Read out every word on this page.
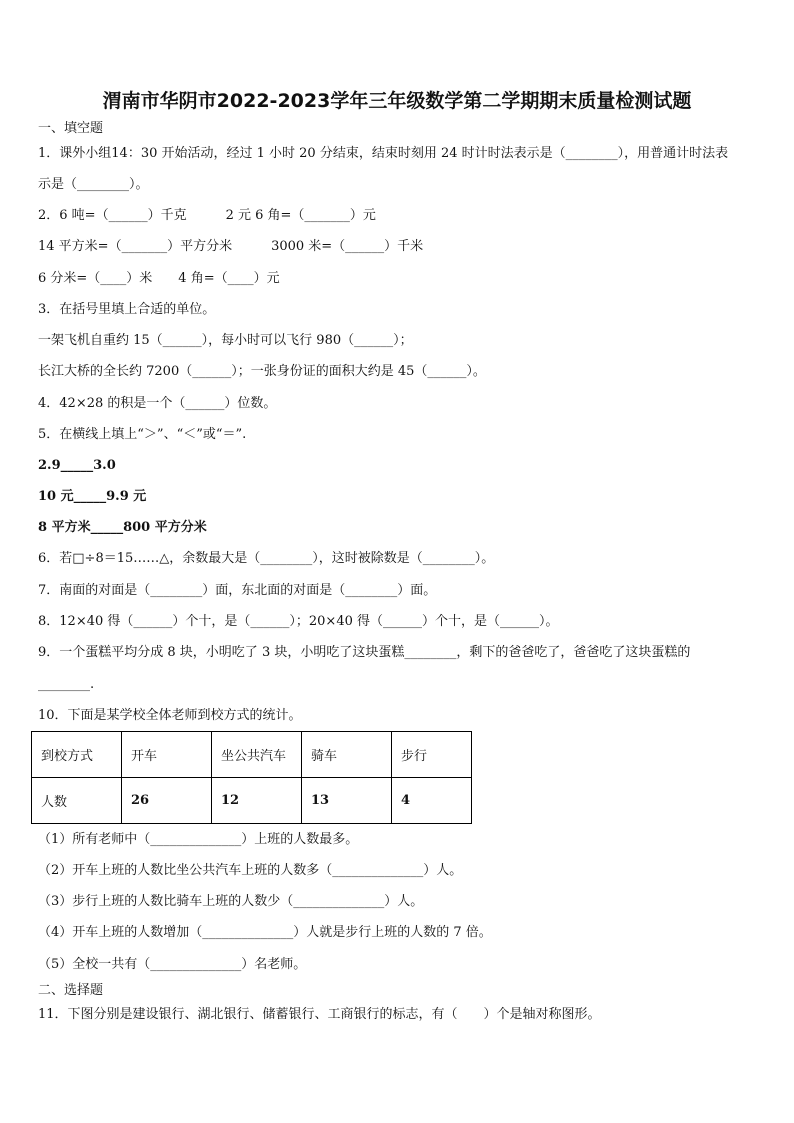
渭南市华阴市2022-2023学年三年级数学第二学期期末质量检测试题
一、填空题
1．课外小组14：30 开始活动，经过 1 小时 20 分结束，结束时刻用 24 时计时法表示是（________），用普通计时法表
示是（________）。
2．6 吨=（______）千克　　　2 元 6 角=（_______）元
14 平方米=（_______）平方分米　　　3000 米=（______）千米
6 分米=（____）米　　4 角=（____）元
3．在括号里填上合适的单位。
一架飞机自重约 15（______），每小时可以飞行 980（______）；
长江大桥的全长约 7200（______）；一张身份证的面积大约是 45（______）。
4．42×28 的积是一个（______）位数。
5．在横线上填上“＞”、“＜”或“＝”.
2.9_____3.0
10 元_____9.9 元
8 平方米_____800 平方分米
6．若□÷8＝15……△，余数最大是（________），这时被除数是（________）。
7．南面的对面是（________）面，东北面的对面是（________）面。
8．12×40 得（______）个十，是（______）；20×40 得（______）个十，是（______）。
9．一个蛋糕平均分成 8 块，小明吃了 3 块，小明吃了这块蛋糕________，剩下的爸爸吃了，爸爸吃了这块蛋糕的
________.
10．下面是某学校全体老师到校方式的统计。
到校方式	开车	坐公共汽车	骑车	步行
人数	26	12	13	4
（1）所有老师中（______________）上班的人数最多。
（2）开车上班的人数比坐公共汽车上班的人数多（______________）人。
（3）步行上班的人数比骑车上班的人数少（______________）人。
（4）开车上班的人数增加（______________）人就是步行上班的人数的 7 倍。
（5）全校一共有（______________）名老师。
二、选择题
11．下图分别是建设银行、湖北银行、储蓄银行、工商银行的标志，有（　　）个是轴对称图形。
